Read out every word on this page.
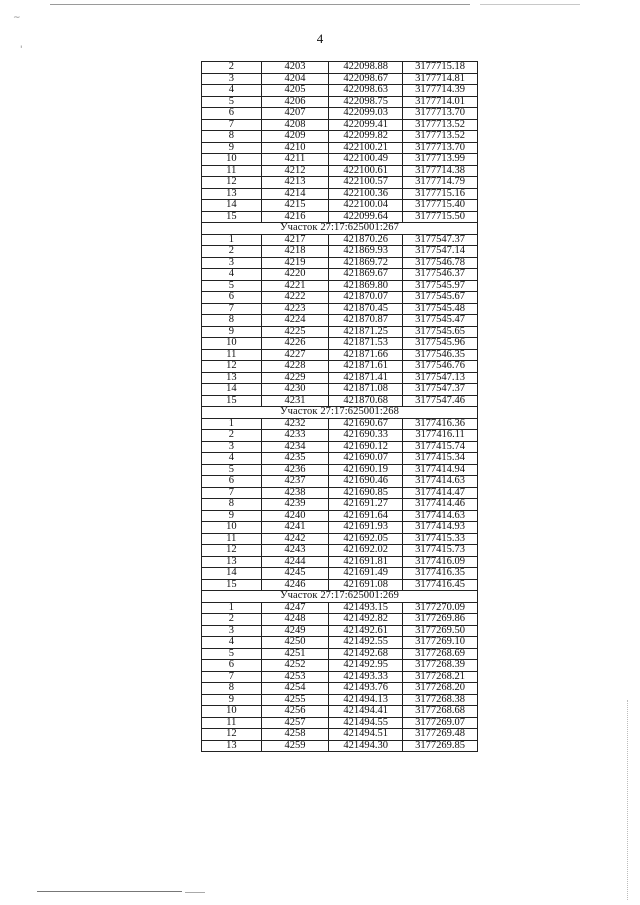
~
'
4
2	4203	422098.88	3177715.18
3	4204	422098.67	3177714.81
4	4205	422098.63	3177714.39
5	4206	422098.75	3177714.01
6	4207	422099.03	3177713.70
7	4208	422099.41	3177713.52
8	4209	422099.82	3177713.52
9	4210	422100.21	3177713.70
10	4211	422100.49	3177713.99
11	4212	422100.61	3177714.38
12	4213	422100.57	3177714.79
13	4214	422100.36	3177715.16
14	4215	422100.04	3177715.40
15	4216	422099.64	3177715.50
Участок 27:17:625001:267			
1	4217	421870.26	3177547.37
2	4218	421869.93	3177547.14
3	4219	421869.72	3177546.78
4	4220	421869.67	3177546.37
5	4221	421869.80	3177545.97
6	4222	421870.07	3177545.67
7	4223	421870.45	3177545.48
8	4224	421870.87	3177545.47
9	4225	421871.25	3177545.65
10	4226	421871.53	3177545.96
11	4227	421871.66	3177546.35
12	4228	421871.61	3177546.76
13	4229	421871.41	3177547.13
14	4230	421871.08	3177547.37
15	4231	421870.68	3177547.46
Участок 27:17:625001:268			
1	4232	421690.67	3177416.36
2	4233	421690.33	3177416.11
3	4234	421690.12	3177415.74
4	4235	421690.07	3177415.34
5	4236	421690.19	3177414.94
6	4237	421690.46	3177414.63
7	4238	421690.85	3177414.47
8	4239	421691.27	3177414.46
9	4240	421691.64	3177414.63
10	4241	421691.93	3177414.93
11	4242	421692.05	3177415.33
12	4243	421692.02	3177415.73
13	4244	421691.81	3177416.09
14	4245	421691.49	3177416.35
15	4246	421691.08	3177416.45
Участок 27:17:625001:269			
1	4247	421493.15	3177270.09
2	4248	421492.82	3177269.86
3	4249	421492.61	3177269.50
4	4250	421492.55	3177269.10
5	4251	421492.68	3177268.69
6	4252	421492.95	3177268.39
7	4253	421493.33	3177268.21
8	4254	421493.76	3177268.20
9	4255	421494.13	3177268.38
10	4256	421494.41	3177268.68
11	4257	421494.55	3177269.07
12	4258	421494.51	3177269.48
13	4259	421494.30	3177269.85
